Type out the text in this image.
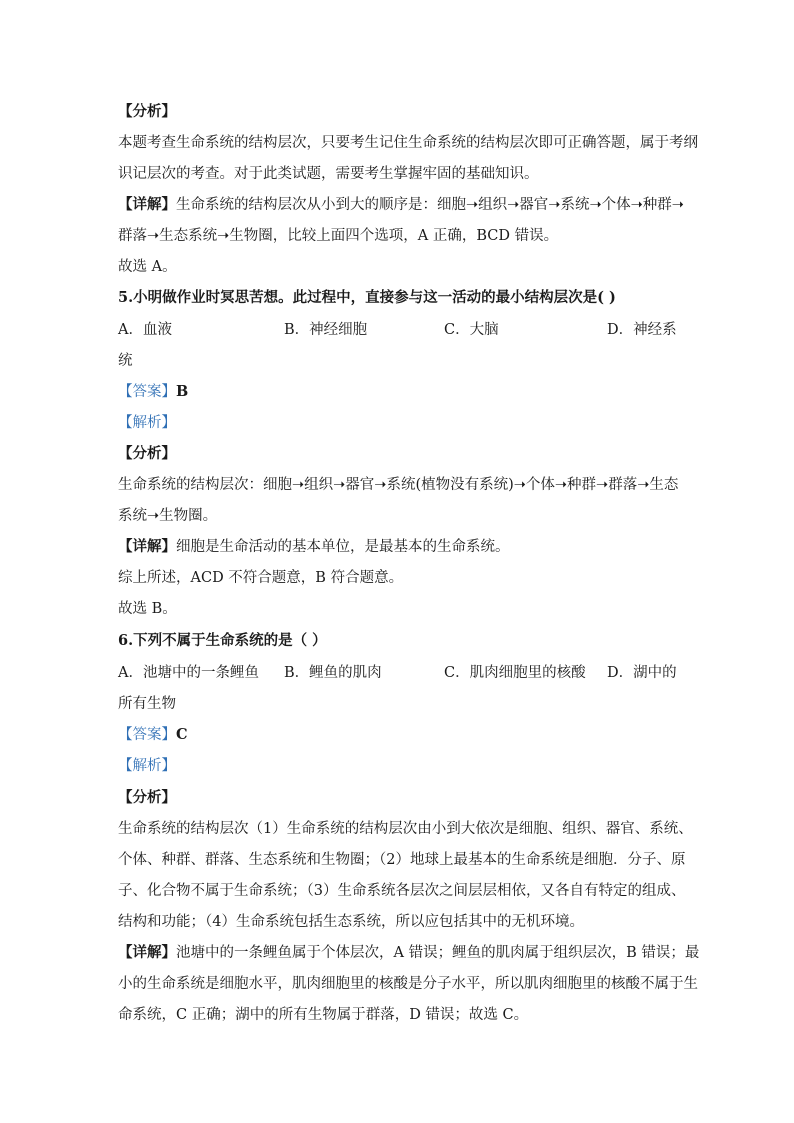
【分析】
本题考查生命系统的结构层次，只要考生记住生命系统的结构层次即可正确答题，属于考纲
识记层次的考查。对于此类试题，需要考生掌握牢固的基础知识。
【详解】生命系统的结构层次从小到大的顺序是：细胞➝组织➝器官➝系统➝个体➝种群➝
群落➝生态系统➝生物圈，比较上面四个选项，A 正确，BCD 错误。
故选 A。
5.小明做作业时冥思苦想。此过程中，直接参与这一活动的最小结构层次是( )
A．血液	B．神经细胞	C．大脑	D．神经系
统
【答案】B
【解析】
【分析】
生命系统的结构层次：细胞➝组织➝器官➝系统(植物没有系统)➝个体➝种群➝群落➝生态
系统➝生物圈。
【详解】细胞是生命活动的基本单位，是最基本的生命系统。
综上所述，ACD 不符合题意，B 符合题意。
故选 B。
6.下列不属于生命系统的是（ ）
A．池塘中的一条鲤鱼 B．鲤鱼的肌肉	C．肌肉细胞里的核酸 D．湖中的
所有生物
【答案】C
【解析】
【分析】
生命系统的结构层次（1）生命系统的结构层次由小到大依次是细胞、组织、器官、系统、
个体、种群、群落、生态系统和生物圈；（2）地球上最基本的生命系统是细胞．分子、原
子、化合物不属于生命系统；（3）生命系统各层次之间层层相依，又各自有特定的组成、
结构和功能；（4）生命系统包括生态系统，所以应包括其中的无机环境。
【详解】池塘中的一条鲤鱼属于个体层次，A 错误；鲤鱼的肌肉属于组织层次，B 错误；最
小的生命系统是细胞水平，肌肉细胞里的核酸是分子水平，所以肌肉细胞里的核酸不属于生
命系统，C 正确；湖中的所有生物属于群落，D 错误；故选 C。
